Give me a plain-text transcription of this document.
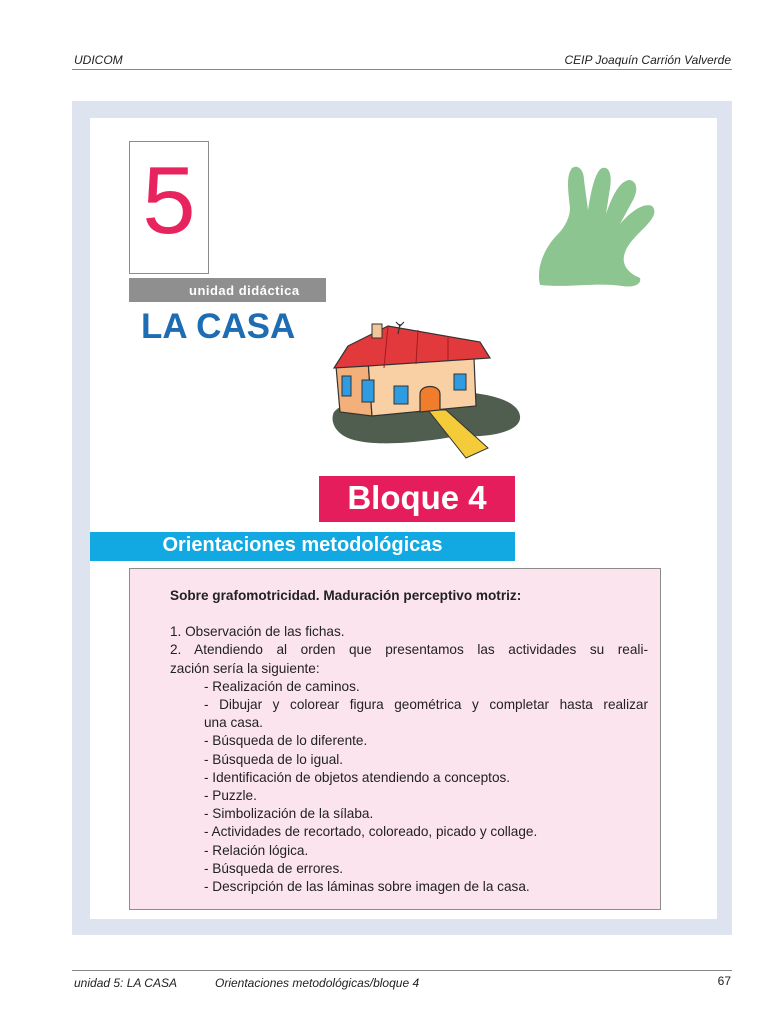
UDICOM	CEIP Joaquín Carrión Valverde
5
unidad didáctica
LA CASA
Bloque 4
Orientaciones metodológicas
Sobre grafomotricidad. Maduración perceptivo motriz:
1. Observación de las fichas.
2. Atendiendo al orden que presentamos las actividades su reali-
zación sería la siguiente:
- Realización de caminos.
- Dibujar y colorear figura geométrica y completar hasta realizar
una casa.
- Búsqueda de lo diferente.
- Búsqueda de lo igual.
- Identificación de objetos atendiendo a conceptos.
- Puzzle.
- Simbolización de la sílaba.
- Actividades de recortado, coloreado, picado y collage.
- Relación lógica.
- Búsqueda de errores.
- Descripción de las láminas sobre imagen de la casa.
unidad 5: LA CASA	Orientaciones metodológicas/bloque 4	67
